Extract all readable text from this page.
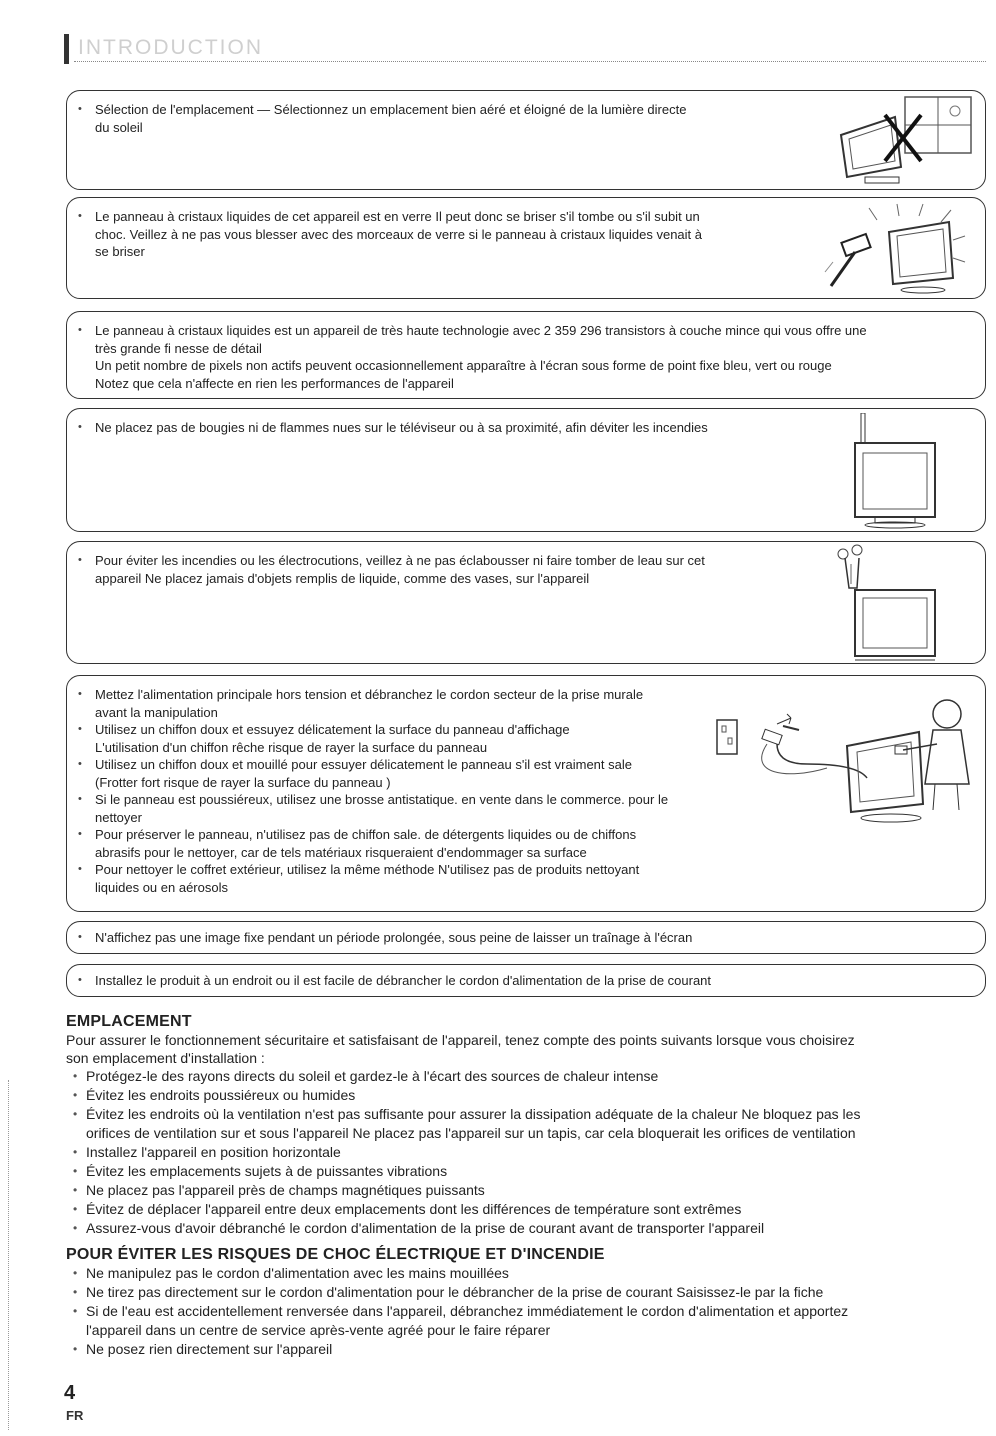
INTRODUCTION
• Sélection de l'emplacement — Sélectionnez un emplacement bien aéré et éloigné de la lumière directe
du soleil
• Le panneau à cristaux liquides de cet appareil est en verre Il peut donc se briser s'il tombe ou s'il subit un
choc. Veillez à ne pas vous blesser avec des morceaux de verre si le panneau à cristaux liquides venait à
se briser
• Le panneau à cristaux liquides est un appareil de très haute technologie avec 2 359 296 transistors à couche mince qui vous offre une
très grande fi nesse de détail
Un petit nombre de pixels non actifs peuvent occasionnellement apparaître à l'écran sous forme de point fixe bleu, vert ou rouge
Notez que cela n'affecte en rien les performances de l'appareil
• Ne placez pas de bougies ni de flammes nues sur le téléviseur ou à sa proximité, afin déviter les incendies
• Pour éviter les incendies ou les électrocutions, veillez à ne pas éclabousser ni faire tomber de leau sur cet
appareil Ne placez jamais d'objets remplis de liquide, comme des vases, sur l'appareil
• Mettez l'alimentation principale hors tension et débranchez le cordon secteur de la prise murale
avant la manipulation
• Utilisez un chiffon doux et essuyez délicatement la surface du panneau d'affichage
L'utilisation d'un chiffon rêche risque de rayer la surface du panneau
• Utilisez un chiffon doux et mouillé pour essuyer délicatement le panneau s'il est vraiment sale
(Frotter fort risque de rayer la surface du panneau )
• Si le panneau est poussiéreux, utilisez une brosse antistatique. en vente dans le commerce. pour le
nettoyer
• Pour préserver le panneau, n'utilisez pas de chiffon sale. de détergents liquides ou de chiffons
abrasifs pour le nettoyer, car de tels matériaux risqueraient d'endommager sa surface
• Pour nettoyer le coffret extérieur, utilisez la même méthode N'utilisez pas de produits nettoyant
liquides ou en aérosols
• N'affichez pas une image fixe pendant un période prolongée, sous peine de laisser un traînage à l'écran
• Installez le produit à un endroit ou il est facile de débrancher le cordon d'alimentation de la prise de courant
EMPLACEMENT

Pour assurer le fonctionnement sécuritaire et satisfaisant de l'appareil, tenez compte des points suivants lorsque vous choisirez
son emplacement d'installation :

• Protégez-le des rayons directs du soleil et gardez-le à l'écart des sources de chaleur intense
• Évitez les endroits poussiéreux ou humides
• Évitez les endroits où la ventilation n'est pas suffisante pour assurer la dissipation adéquate de la chaleur Ne bloquez pas les
orifices de ventilation sur et sous l'appareil Ne placez pas l'appareil sur un tapis, car cela bloquerait les orifices de ventilation
• Installez l'appareil en position horizontale
• Évitez les emplacements sujets à de puissantes vibrations
• Ne placez pas l'appareil près de champs magnétiques puissants
• Évitez de déplacer l'appareil entre deux emplacements dont les différences de température sont extrêmes
• Assurez-vous d'avoir débranché le cordon d'alimentation de la prise de courant avant de transporter l'appareil
POUR ÉVITER LES RISQUES DE CHOC ÉLECTRIQUE ET D'INCENDIE
• Ne manipulez pas le cordon d'alimentation avec les mains mouillées
• Ne tirez pas directement sur le cordon d'alimentation pour le débrancher de la prise de courant Saisissez-le par la fiche
• Si de l'eau est accidentellement renversée dans l'appareil, débranchez immédiatement le cordon d'alimentation et apportez
l'appareil dans un centre de service après-vente agréé pour le faire réparer
• Ne posez rien directement sur l'appareil
4
FR
